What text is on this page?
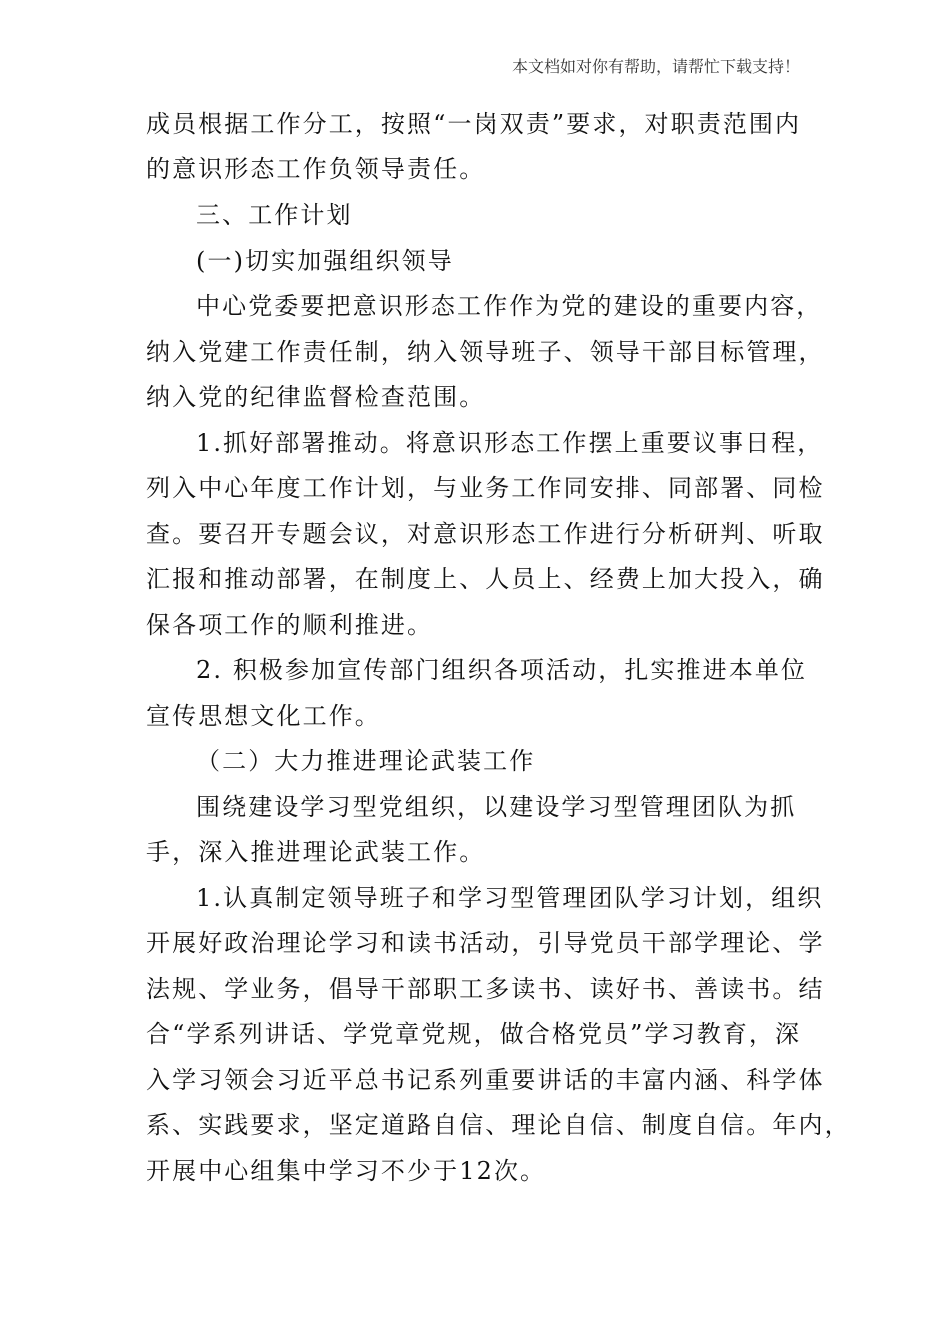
本文档如对你有帮助，请帮忙下载支持！
成员根据工作分工，按照“一岗双责”要求，对职责范围内
的意识形态工作负领导责任。
三、工作计划
(一)切实加强组织领导
中心党委要把意识形态工作作为党的建设的重要内容，
纳入党建工作责任制，纳入领导班子、领导干部目标管理，
纳入党的纪律监督检查范围。
1.抓好部署推动。将意识形态工作摆上重要议事日程，
列入中心年度工作计划，与业务工作同安排、同部署、同检
查。要召开专题会议，对意识形态工作进行分析研判、听取
汇报和推动部署，在制度上、人员上、经费上加大投入，确
保各项工作的顺利推进。
2. 积极参加宣传部门组织各项活动，扎实推进本单位
宣传思想文化工作。
（二）大力推进理论武装工作
围绕建设学习型党组织，以建设学习型管理团队为抓
手，深入推进理论武装工作。
1.认真制定领导班子和学习型管理团队学习计划，组织
开展好政治理论学习和读书活动，引导党员干部学理论、学
法规、学业务，倡导干部职工多读书、读好书、善读书。结
合“学系列讲话、学党章党规，做合格党员”学习教育，深
入学习领会习近平总书记系列重要讲话的丰富内涵、科学体
系、实践要求，坚定道路自信、理论自信、制度自信。年内，
开展中心组集中学习不少于12次。
